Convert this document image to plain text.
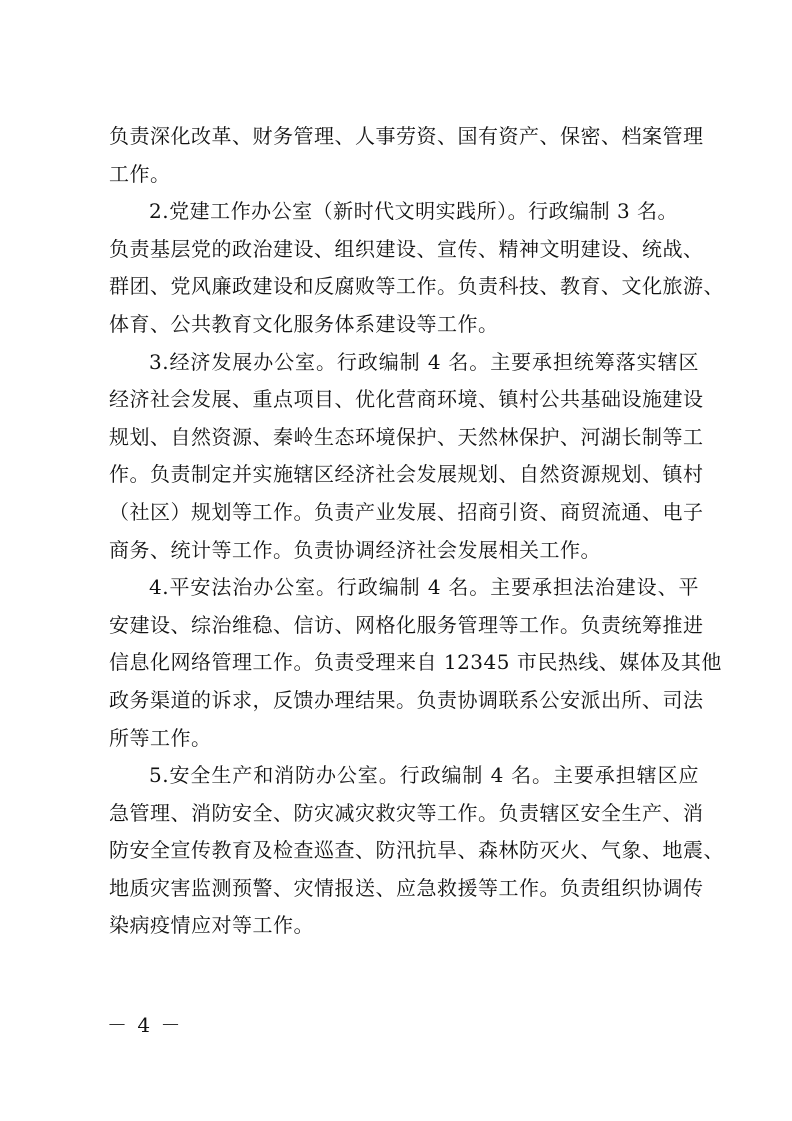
负责深化改革、财务管理、人事劳资、国有资产、保密、档案管理
工作。
2.党建工作办公室（新时代文明实践所）。行政编制 3 名。
负责基层党的政治建设、组织建设、宣传、精神文明建设、统战、
群团、党风廉政建设和反腐败等工作。负责科技、教育、文化旅游、
体育、公共教育文化服务体系建设等工作。
3.经济发展办公室。行政编制 4 名。主要承担统筹落实辖区
经济社会发展、重点项目、优化营商环境、镇村公共基础设施建设
规划、自然资源、秦岭生态环境保护、天然林保护、河湖长制等工
作。负责制定并实施辖区经济社会发展规划、自然资源规划、镇村
（社区）规划等工作。负责产业发展、招商引资、商贸流通、电子
商务、统计等工作。负责协调经济社会发展相关工作。
4.平安法治办公室。行政编制 4 名。主要承担法治建设、平
安建设、综治维稳、信访、网格化服务管理等工作。负责统筹推进
信息化网络管理工作。负责受理来自 12345 市民热线、媒体及其他
政务渠道的诉求，反馈办理结果。负责协调联系公安派出所、司法
所等工作。
5.安全生产和消防办公室。行政编制 4 名。主要承担辖区应
急管理、消防安全、防灾减灾救灾等工作。负责辖区安全生产、消
防安全宣传教育及检查巡查、防汛抗旱、森林防灭火、气象、地震、
地质灾害监测预警、灾情报送、应急救援等工作。负责组织协调传
染病疫情应对等工作。
－ 4 －
